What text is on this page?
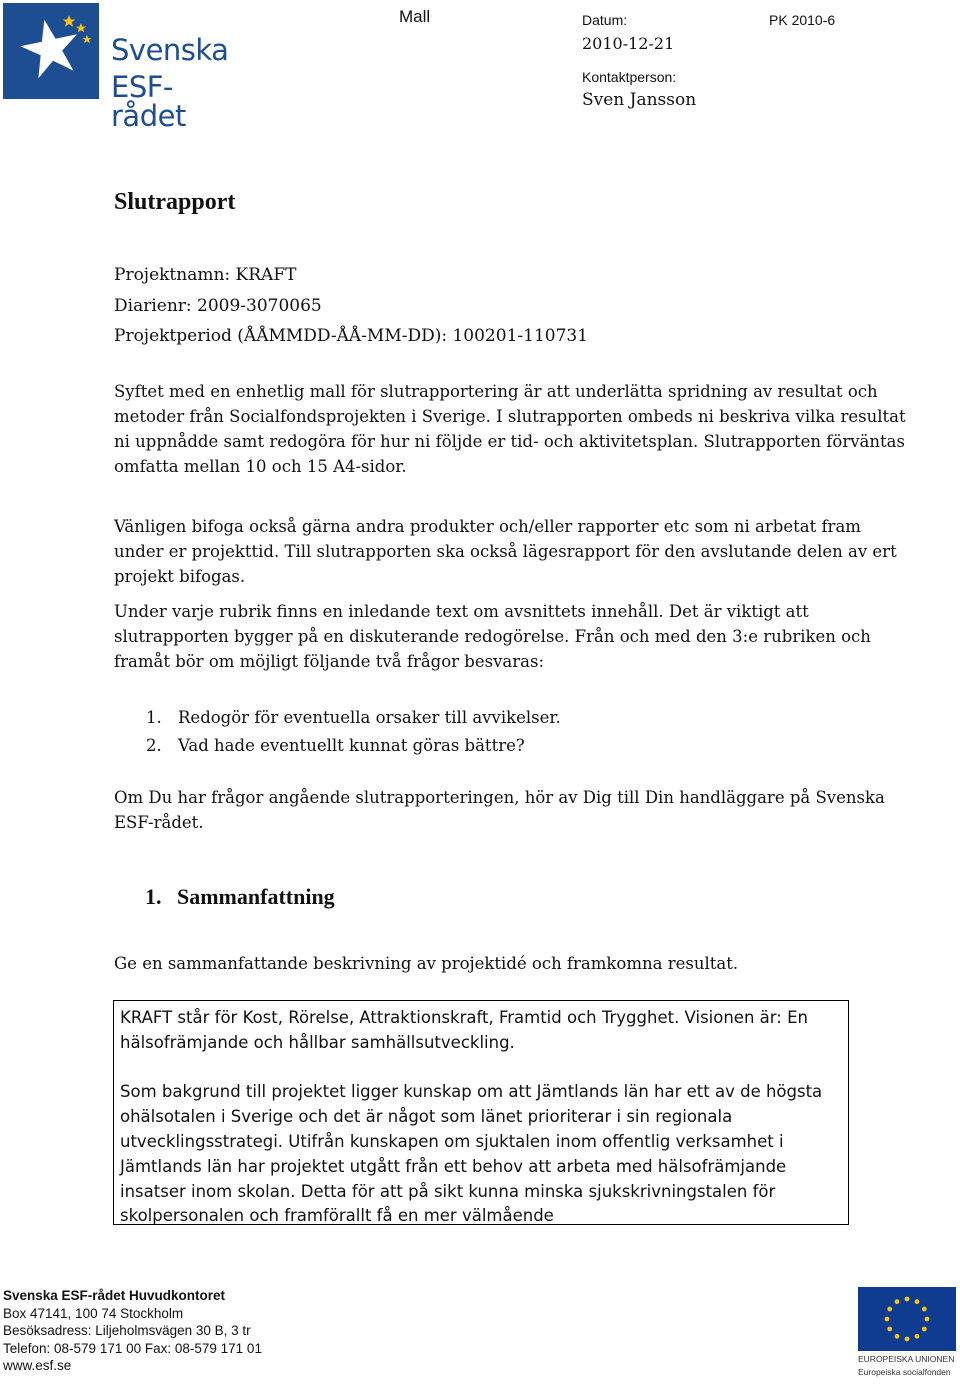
Svenska
ESF-rådet
Mall	Datum:
2010-12-21
Kontaktperson:
Sven Jansson
PK 2010-6
Slutrapport
Projektnamn: KRAFT
Diarienr: 2009-3070065
Projektperiod (ÅÅMMDD-ÅÅ-MM-DD): 100201-110731

Syftet med en enhetlig mall för slutrapportering är att underlätta spridning av resultat och metoder från Socialfondsprojekten i Sverige. I slutrapporten ombeds ni beskriva vilka resultat ni uppnådde samt redogöra för hur ni följde er tid- och aktivitetsplan. Slutrapporten förväntas omfatta mellan 10 och 15 A4-sidor.

Vänligen bifoga också gärna andra produkter och/eller rapporter etc som ni arbetat fram under er projekttid. Till slutrapporten ska också lägesrapport för den avslutande delen av ert projekt bifogas.

Under varje rubrik finns en inledande text om avsnittets innehåll. Det är viktigt att slutrapporten bygger på en diskuterande redogörelse. Från och med den 3:e rubriken och framåt bör om möjligt följande två frågor besvaras:

1. Redogör för eventuella orsaker till avvikelser.
2. Vad hade eventuellt kunnat göras bättre?

Om Du har frågor angående slutrapporteringen, hör av Dig till Din handläggare på Svenska ESF-rådet.

1. Sammanfattning

Ge en sammanfattande beskrivning av projektidé och framkomna resultat.

KRAFT står för Kost, Rörelse, Attraktionskraft, Framtid och Trygghet. Visionen är: En hälsofrämjande och hållbar samhällsutveckling.

Som bakgrund till projektet ligger kunskap om att Jämtlands län har ett av de högsta ohälsotalen i Sverige och det är något som länet prioriterar i sin regionala utvecklingsstrategi. Utifrån kunskapen om sjuktalen inom offentlig verksamhet i Jämtlands län har projektet utgått från ett behov att arbeta med hälsofrämjande insatser inom skolan. Detta för att på sikt kunna minska sjukskrivningstalen för skolpersonalen och framförallt få en mer välmående

Svenska ESF-rådet Huvudkontoret
Box 47141, 100 74 Stockholm
Besöksadress: Liljeholmsvägen 30 B, 3 tr
Telefon: 08-579 171 00 Fax: 08-579 171 01
www.esf.se	EUROPEISKA UNIONEN
Europeiska socialfonden
